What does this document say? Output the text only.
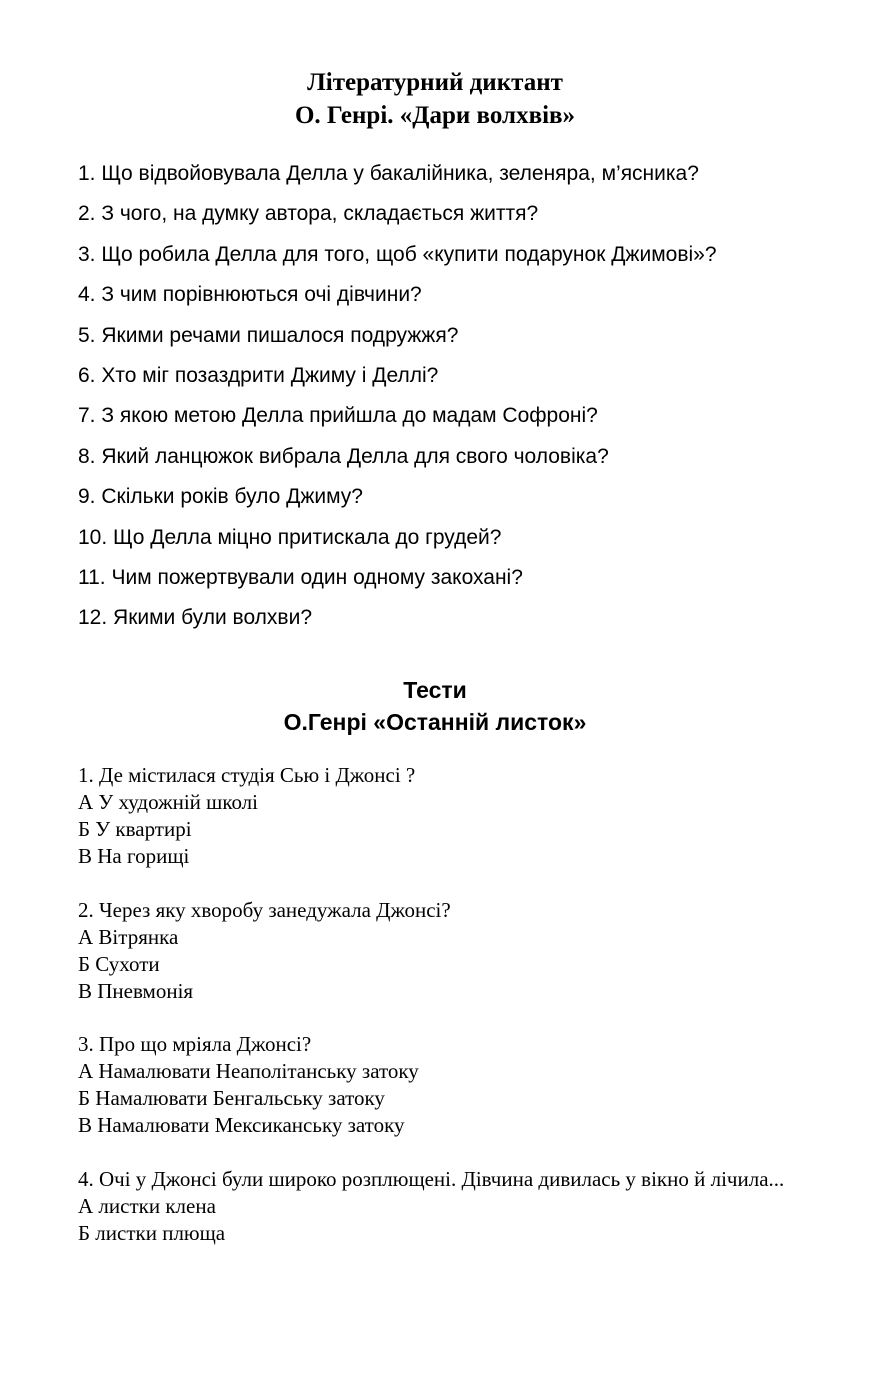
Літературний диктант
О. Генрі. «Дари волхвів»
1. Що відвойовувала Делла у бакалійника, зеленяра, м’ясника?
2. З чого, на думку автора, складається життя?
3. Що робила Делла для того, щоб «купити подарунок Джимові»?
4. З чим порівнюються очі дівчини?
5. Якими речами пишалося подружжя?
6. Хто міг позаздрити Джиму і Деллі?
7. З якою метою Делла прийшла до мадам Софроні?
8. Який ланцюжок вибрала Делла для свого чоловіка?
9. Скільки років було Джиму?
10. Що Делла міцно притискала до грудей?
11. Чим пожертвували один одному закохані?
12. Якими були волхви?
Тести
О.Генрі «Останній листок»

1. Де містилася студія Сью і Джонсі ?

А У художній школі

Б У квартирі

В На горищі

2. Через яку хворобу занедужала Джонсі?

А Вітрянка

Б Сухоти

В Пневмонія

3. Про що мріяла Джонсі?

А Намалювати Неаполітанську затоку

Б Намалювати Бенгальську затоку

В Намалювати Мексиканську затоку

4. Очі у Джонсі були широко розплющені. Дівчина дивилась у вікно й лічила...

А листки клена

Б листки плюща
